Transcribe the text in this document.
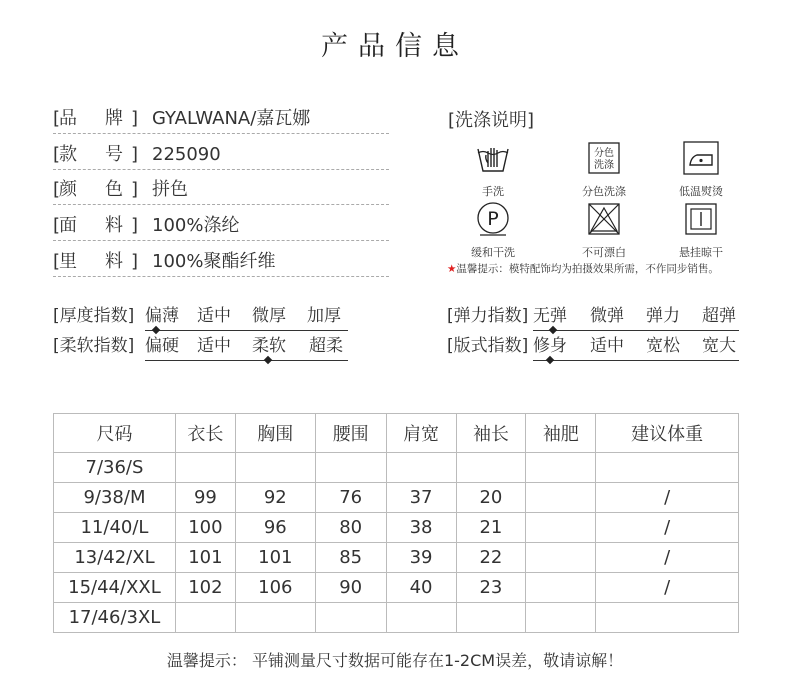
产品信息
[
品 牌 ] GYALWANA/嘉瓦娜
[
款 号 ] 225090
[
颜 色 ] 拼色
[
面 料 ] 100%涤纶
[
里 料 ] 100%聚酯纤维
[洗涤说明]
手洗
分色
洗涤
分色洗涤	低温熨烫
P
缓和干洗	不可漂白	悬挂晾干
★温馨提示：模特配饰均为拍摄效果所需，不作同步销售。
[厚度指数] 偏薄 适中 微厚 加厚
[柔软指数] 偏硬 适中 柔软 超柔
[弹力指数] 无弹 微弹 弹力 超弹
[版式指数] 修身 适中 宽松 宽大
尺码	衣长	胸围	腰围	肩宽	袖长	袖肥	建议体重
7/36/S							
9/38/M	99	92	76	37	20		/
11/40/L	100	96	80	38	21		/
13/42/XL	101	101	85	39	22		/
15/44/XXL	102	106	90	40	23		/
17/46/3XL							
温馨提示： 平铺测量尺寸数据可能存在1-2CM误差，敬请谅解！
